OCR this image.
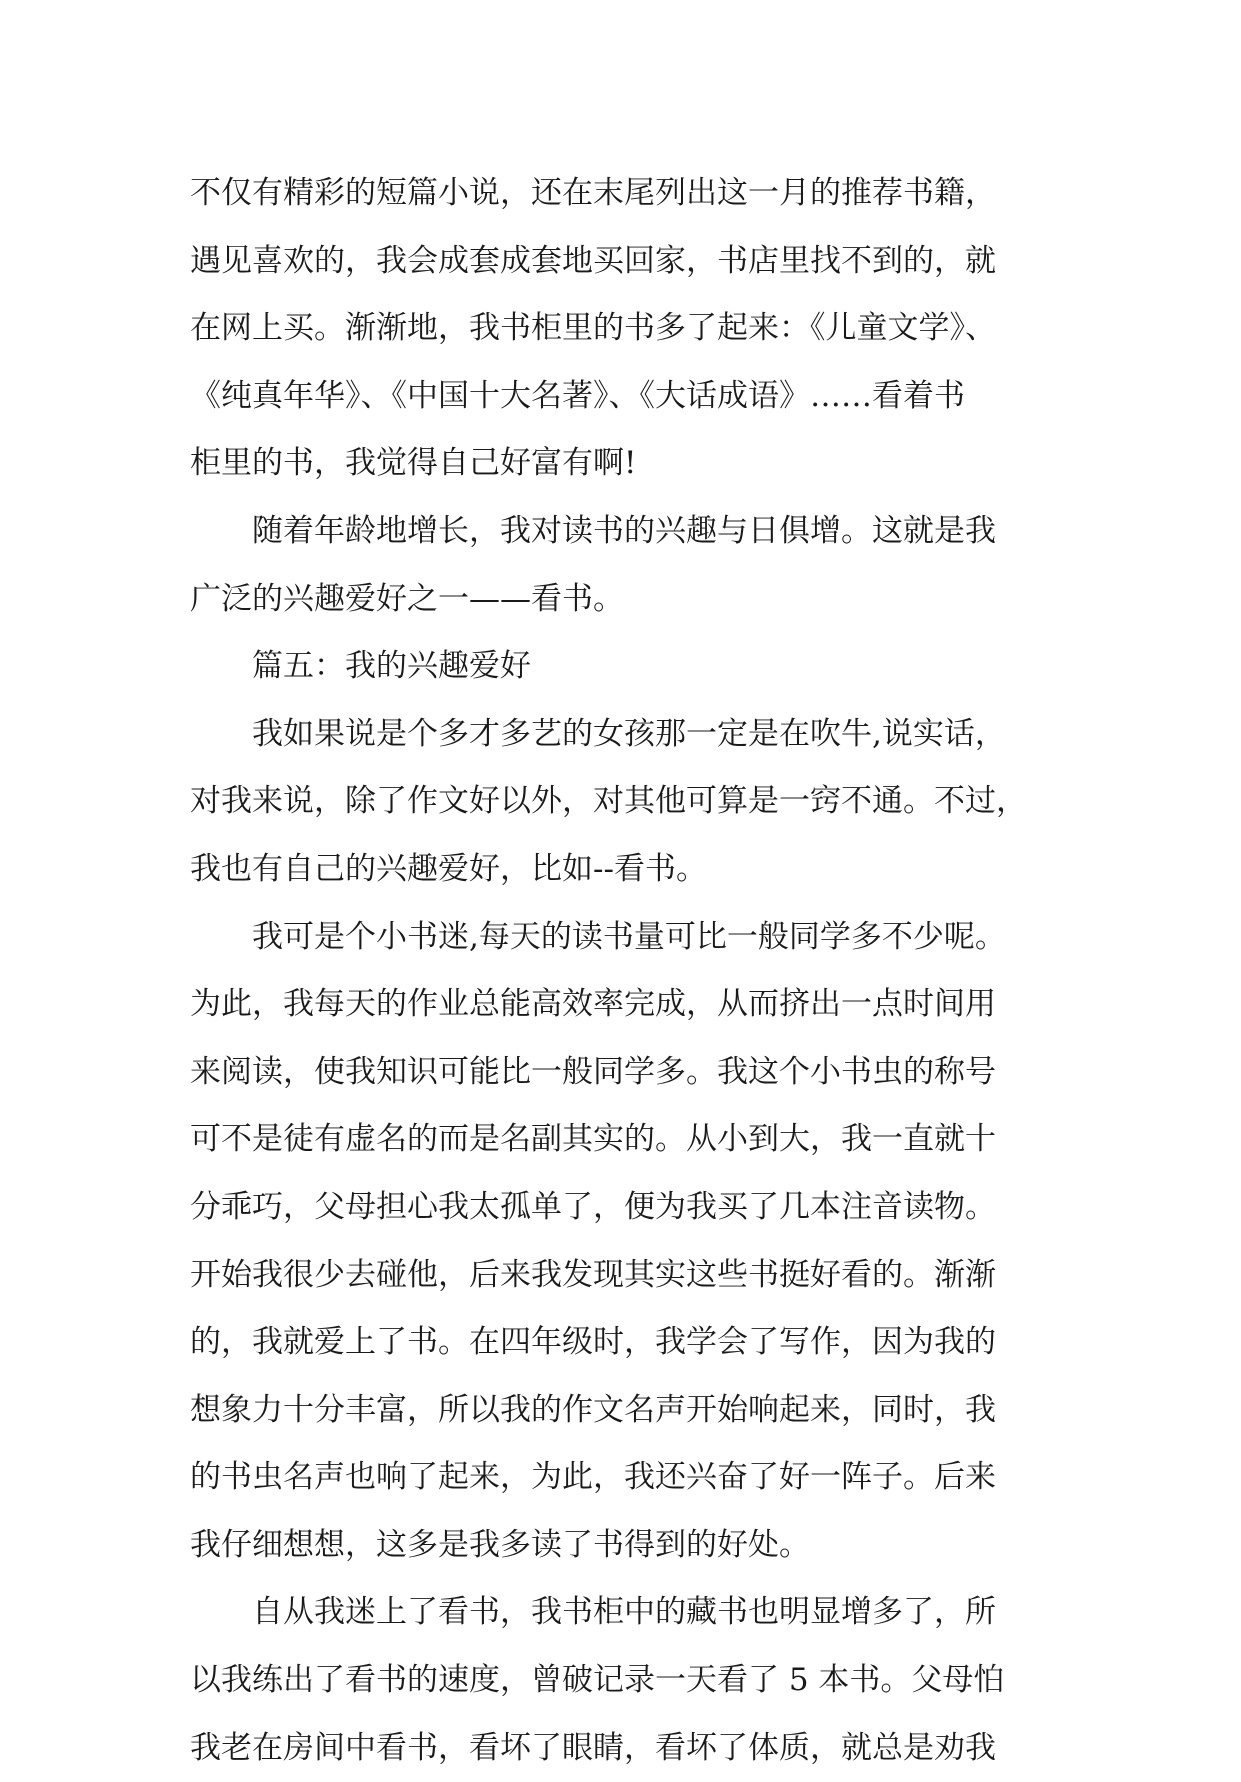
不仅有精彩的短篇小说，还在末尾列出这一月的推荐书籍，
遇见喜欢的，我会成套成套地买回家，书店里找不到的，就
在网上买。渐渐地，我书柜里的书多了起来：《儿童文学》、
《纯真年华》、《中国十大名著》、《大话成语》……看着书
柜里的书，我觉得自己好富有啊!
随着年龄地增长，我对读书的兴趣与日俱增。这就是我
广泛的兴趣爱好之一——看书。
篇五：我的兴趣爱好
我如果说是个多才多艺的女孩那一定是在吹牛,说实话，
对我来说，除了作文好以外，对其他可算是一窍不通。不过，
我也有自己的兴趣爱好，比如--看书。
我可是个小书迷,每天的读书量可比一般同学多不少呢。
为此，我每天的作业总能高效率完成，从而挤出一点时间用
来阅读，使我知识可能比一般同学多。我这个小书虫的称号
可不是徒有虚名的而是名副其实的。从小到大，我一直就十
分乖巧，父母担心我太孤单了，便为我买了几本注音读物。
开始我很少去碰他，后来我发现其实这些书挺好看的。渐渐
的，我就爱上了书。在四年级时，我学会了写作，因为我的
想象力十分丰富，所以我的作文名声开始响起来，同时，我
的书虫名声也响了起来，为此，我还兴奋了好一阵子。后来
我仔细想想，这多是我多读了书得到的好处。
自从我迷上了看书，我书柜中的藏书也明显增多了，所
以我练出了看书的速度，曾破记录一天看了 5 本书。父母怕
我老在房间中看书，看坏了眼睛，看坏了体质，就总是劝我
